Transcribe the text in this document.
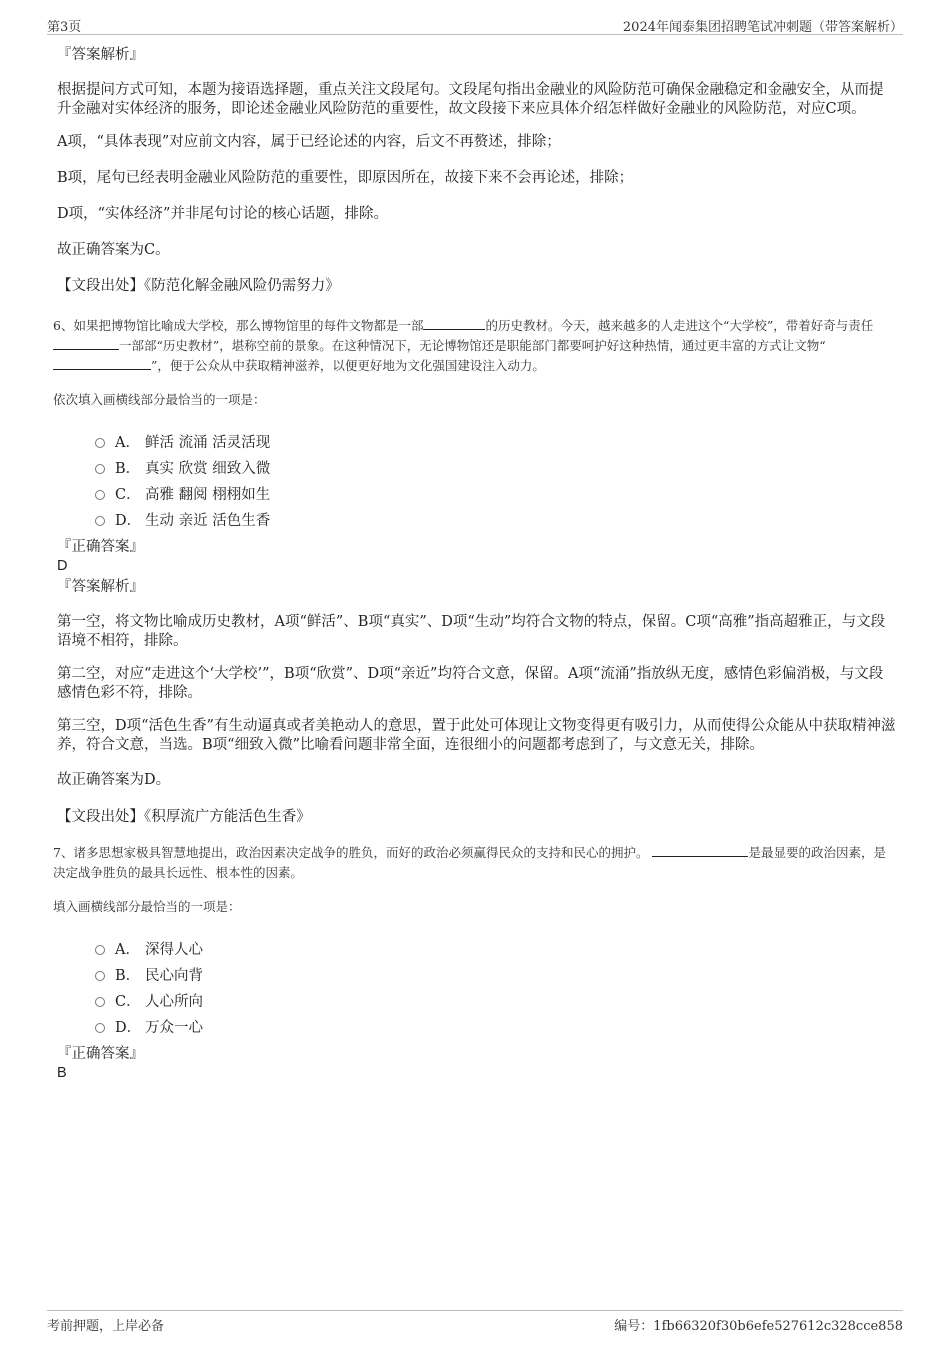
第3页	2024年闻泰集团招聘笔试冲刺题（带答案解析）
『答案解析』
根据提问方式可知，本题为接语选择题，重点关注文段尾句。文段尾句指出金融业的风险防范可确保金融稳定和金融安全，从而提升金融对实体经济的服务，即论述金融业风险防范的重要性，故文段接下来应具体介绍怎样做好金融业的风险防范，对应C项。
A项，“具体表现”对应前文内容，属于已经论述的内容，后文不再赘述，排除；
B项，尾句已经表明金融业风险防范的重要性，即原因所在，故接下来不会再论述，排除；
D项，“实体经济”并非尾句讨论的核心话题，排除。
故正确答案为C。
【文段出处】《防范化解金融风险仍需努力》
6、如果把博物馆比喻成大学校，那么博物馆里的每件文物都是一部	的历史教材。今天，越来越多的人走进这个“大学校”，带着好奇与责任 一部部“历史教材”，堪称空前的景象。在这种情况下，无论博物馆还是职能部门都要呵护好这种热情，通过更丰富的方式让文物“”，便于公众从中获取精神滋养，以便更好地为文化强国建设注入动力。
依次填入画横线部分最恰当的一项是：
A． 鲜活 流涌 活灵活现
B． 真实 欣赏 细致入微
C． 高雅 翻阅 栩栩如生
D． 生动 亲近 活色生香
『正确答案』
D
『答案解析』
第一空，将文物比喻成历史教材，A项“鲜活”、B项“真实”、D项“生动”均符合文物的特点，保留。C项“高雅”指高超雅正，与文段语境不相符，排除。
第二空，对应“走进这个‘大学校’”，B项“欣赏”、D项“亲近”均符合文意，保留。A项“流涌”指放纵无度，感情色彩偏消极，与文段感情色彩不符，排除。
第三空，D项“活色生香”有生动逼真或者美艳动人的意思，置于此处可体现让文物变得更有吸引力，从而使得公众能从中获取精神滋养，符合文意，当选。B项“细致入微”比喻看问题非常全面，连很细小的问题都考虑到了，与文意无关，排除。
故正确答案为D。
【文段出处】《积厚流广方能活色生香》
7、诸多思想家极具智慧地提出，政治因素决定战争的胜负，而好的政治必须赢得民众的支持和民心的拥护。	是最显要的政治因素，是决定战争胜负的最具长远性、根本性的因素。
填入画横线部分最恰当的一项是：
A． 深得人心
B． 民心向背
C． 人心所向
D． 万众一心
『正确答案』
B
考前押题，上岸必备	编号：1fb66320f30b6efe527612c328cce858
